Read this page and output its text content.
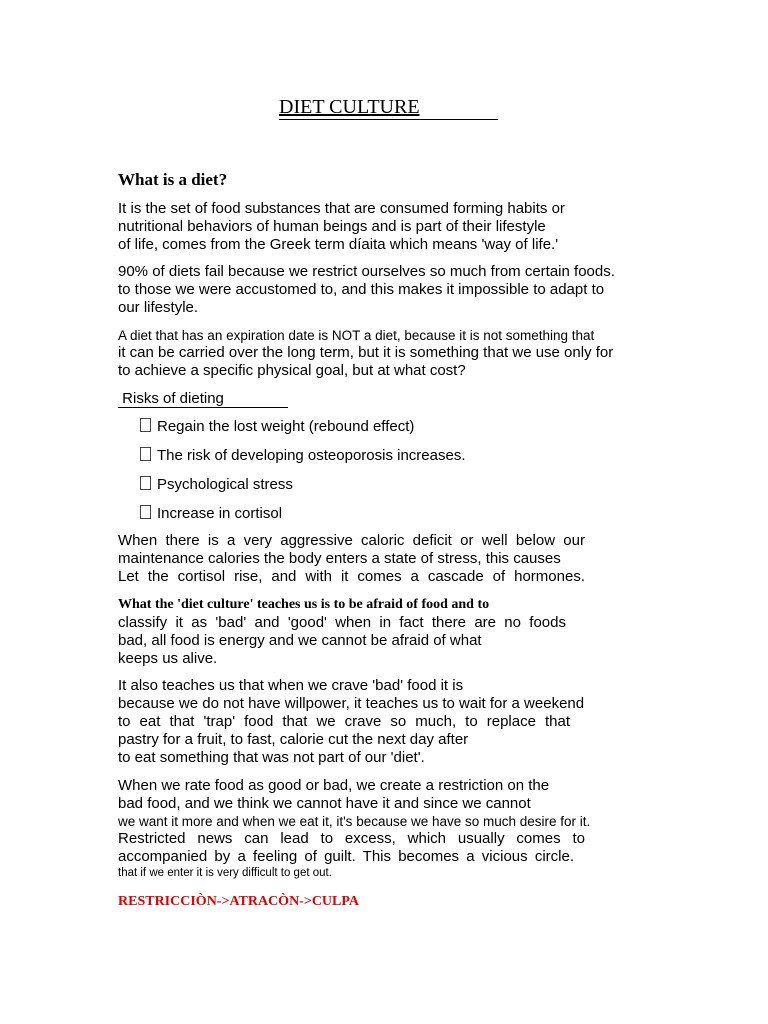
DIET CULTURE
What is a diet?
It is the set of food substances that are consumed forming habits or
nutritional behaviors of human beings and is part of their lifestyle
of life, comes from the Greek term díaita which means 'way of life.'
90% of diets fail because we restrict ourselves so much from certain foods.
to those we were accustomed to, and this makes it impossible to adapt to
our lifestyle.
A diet that has an expiration date is NOT a diet, because it is not something that
it can be carried over the long term, but it is something that we use only for
to achieve a specific physical goal, but at what cost?
Risks of dieting
Regain the lost weight (rebound effect)
The risk of developing osteoporosis increases.
Psychological stress
Increase in cortisol
When there is a very aggressive caloric deficit or well below our
maintenance calories the body enters a state of stress, this causes
Let the cortisol rise, and with it comes a cascade of hormones.
What the 'diet culture' teaches us is to be afraid of food and to
classify it as 'bad' and 'good' when in fact there are no foods
bad, all food is energy and we cannot be afraid of what
keeps us alive.
It also teaches us that when we crave 'bad' food it is
because we do not have willpower, it teaches us to wait for a weekend
to eat that 'trap' food that we crave so much, to replace that
pastry for a fruit, to fast, calorie cut the next day after
to eat something that was not part of our 'diet'.
When we rate food as good or bad, we create a restriction on the
bad food, and we think we cannot have it and since we cannot
we want it more and when we eat it, it's because we have so much desire for it.
Restricted news can lead to excess, which usually comes to
accompanied by a feeling of guilt. This becomes a vicious circle.
that if we enter it is very difficult to get out.
RESTRICCIÒN->ATRACÒN->CULPA
